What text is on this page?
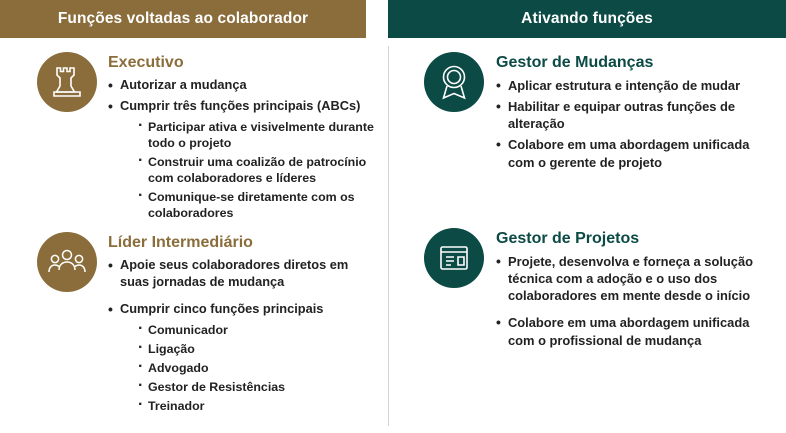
Funções voltadas ao colaborador	Ativando funções
Executivo
• Autorizar a mudança
• Cumprir três funções principais (ABCs)
· Participar ativa e visivelmente durante todo o projeto
· Construir uma coalizão de patrocínio com colaboradores e líderes
· Comunique-se diretamente com os colaboradores
Líder Intermediário
• Apoie seus colaboradores diretos em suas jornadas de mudança
• Cumprir cinco funções principais
· Comunicador
· Ligação
· Advogado
· Gestor de Resistências
· Treinador
Gestor de Mudanças
• Aplicar estrutura e intenção de mudar
• Habilitar e equipar outras funções de alteração
• Colabore em uma abordagem unificada com o gerente de projeto
Gestor de Projetos
• Projete, desenvolva e forneça a solução técnica com a adoção e o uso dos colaboradores em mente desde o início
• Colabore em uma abordagem unificada com o profissional de mudança
